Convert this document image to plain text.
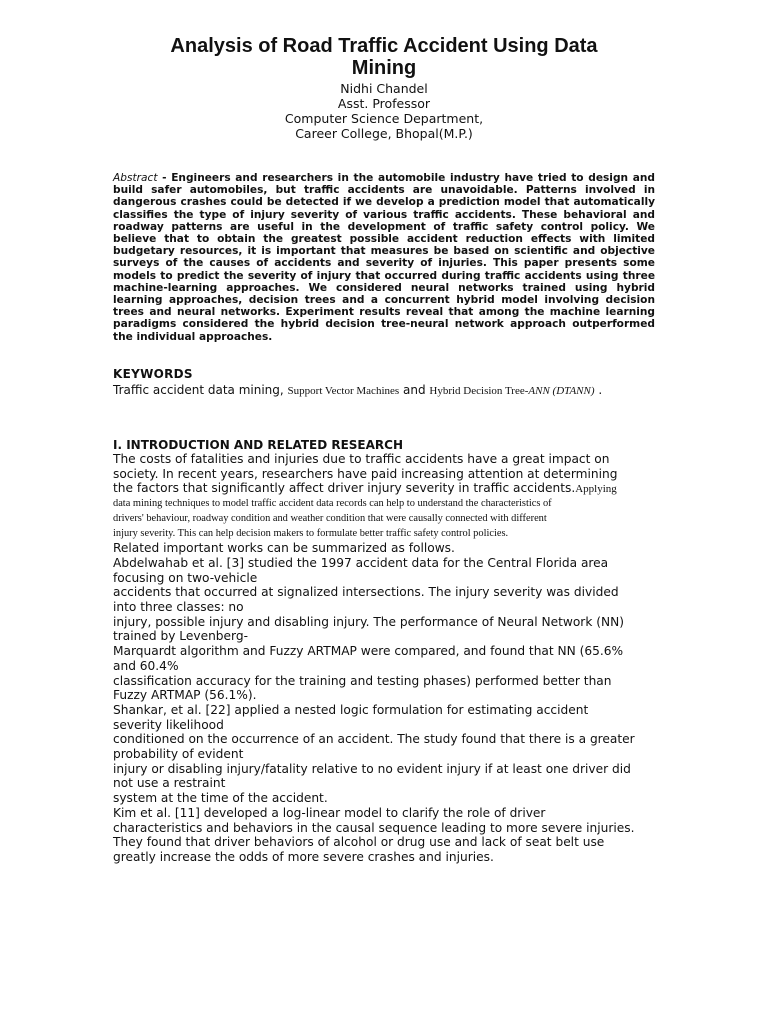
Analysis of Road Traffic Accident Using Data
Mining
Nidhi Chandel
Asst. Professor
Computer Science Department,
Career College, Bhopal(M.P.)

Abstract - Engineers and researchers in the automobile industry have tried to design and build safer automobiles, but traffic accidents are unavoidable. Patterns involved in dangerous crashes could be detected if we develop a prediction model that automatically classifies the type of injury severity of various traffic accidents. These behavioral and roadway patterns are useful in the development of traffic safety control policy. We believe that to obtain the greatest possible accident reduction effects with limited budgetary resources, it is important that measures be based on scientific and objective surveys of the causes of accidents and severity of injuries. This paper presents some models to predict the severity of injury that occurred during traffic accidents using three machine-learning approaches. We considered neural networks trained using hybrid learning approaches, decision trees and a concurrent hybrid model involving decision trees and neural networks. Experiment results reveal that among the machine learning paradigms considered the hybrid decision tree-neural network approach outperformed the individual approaches.

KEYWORDS
Traffic accident data mining, Support Vector Machines and Hybrid Decision Tree-ANN (DTANN) .
I. INTRODUCTION AND RELATED RESEARCH
The costs of fatalities and injuries due to traffic accidents have a great impact on
society. In recent years, researchers have paid increasing attention at determining
the factors that significantly affect driver injury severity in traffic accidents.Applying
data mining techniques to model traffic accident data records can help to understand the characteristics of
drivers' behaviour, roadway condition and weather condition that were causally connected with different
injury severity. This can help decision makers to formulate better traffic safety control policies.
Related important works can be summarized as follows.
Abdelwahab et al. [3] studied the 1997 accident data for the Central Florida area
focusing on two-vehicle
accidents that occurred at signalized intersections. The injury severity was divided
into three classes: no
injury, possible injury and disabling injury. The performance of Neural Network (NN)
trained by Levenberg-
Marquardt algorithm and Fuzzy ARTMAP were compared, and found that NN (65.6%
and 60.4%
classification accuracy for the training and testing phases) performed better than
Fuzzy ARTMAP (56.1%).
Shankar, et al. [22] applied a nested logic formulation for estimating accident
severity likelihood
conditioned on the occurrence of an accident. The study found that there is a greater
probability of evident
injury or disabling injury/fatality relative to no evident injury if at least one driver did
not use a restraint
system at the time of the accident.
Kim et al. [11] developed a log-linear model to clarify the role of driver
characteristics and behaviors in the causal sequence leading to more severe injuries.
They found that driver behaviors of alcohol or drug use and lack of seat belt use
greatly increase the odds of more severe crashes and injuries.
